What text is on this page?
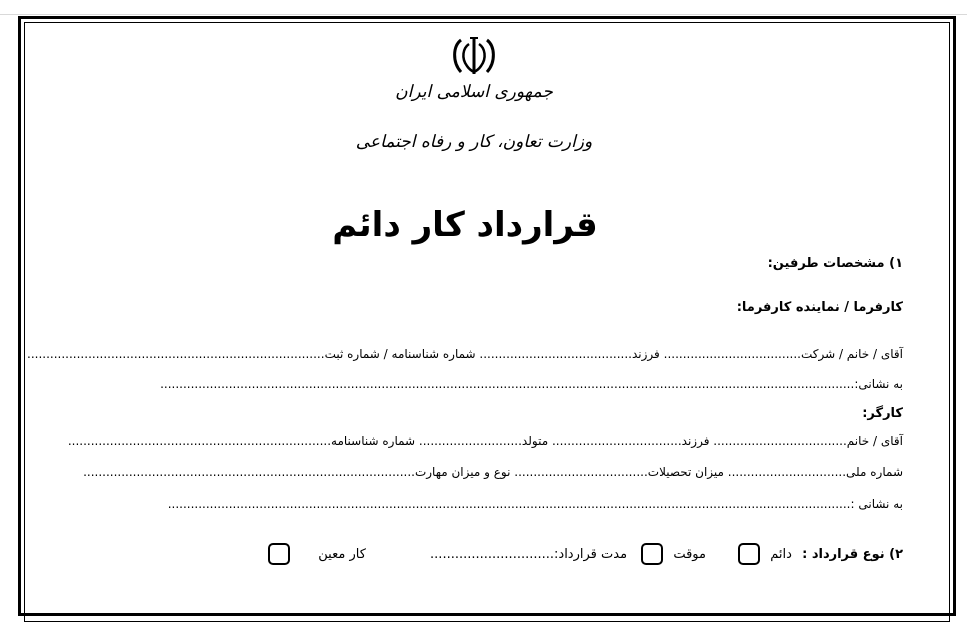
جمهوری اسلامی ایران
وزارت تعاون، کار و رفاه اجتماعی
قرارداد کار دائم
۱) مشخصات طرفین:
کارفرما / نماینده کارفرما:
آقای / خانم / شرکت.................................... فرزند........................................ شماره شناسنامه / شماره ثبت..............................................................................
به نشانی:......................................................................................................................................................................................
کارگر:
آقای / خانم................................... فرزند.................................. متولد........................... شماره شناسنامه.....................................................................
شماره ملی............................... میزان تحصیلات................................... نوع و میزان مهارت.......................................................................................
به نشانی :...................................................................................................................................................................................
۲) نوع قرارداد : دائم  موقت  مدت قرارداد:.............................. کار معین
